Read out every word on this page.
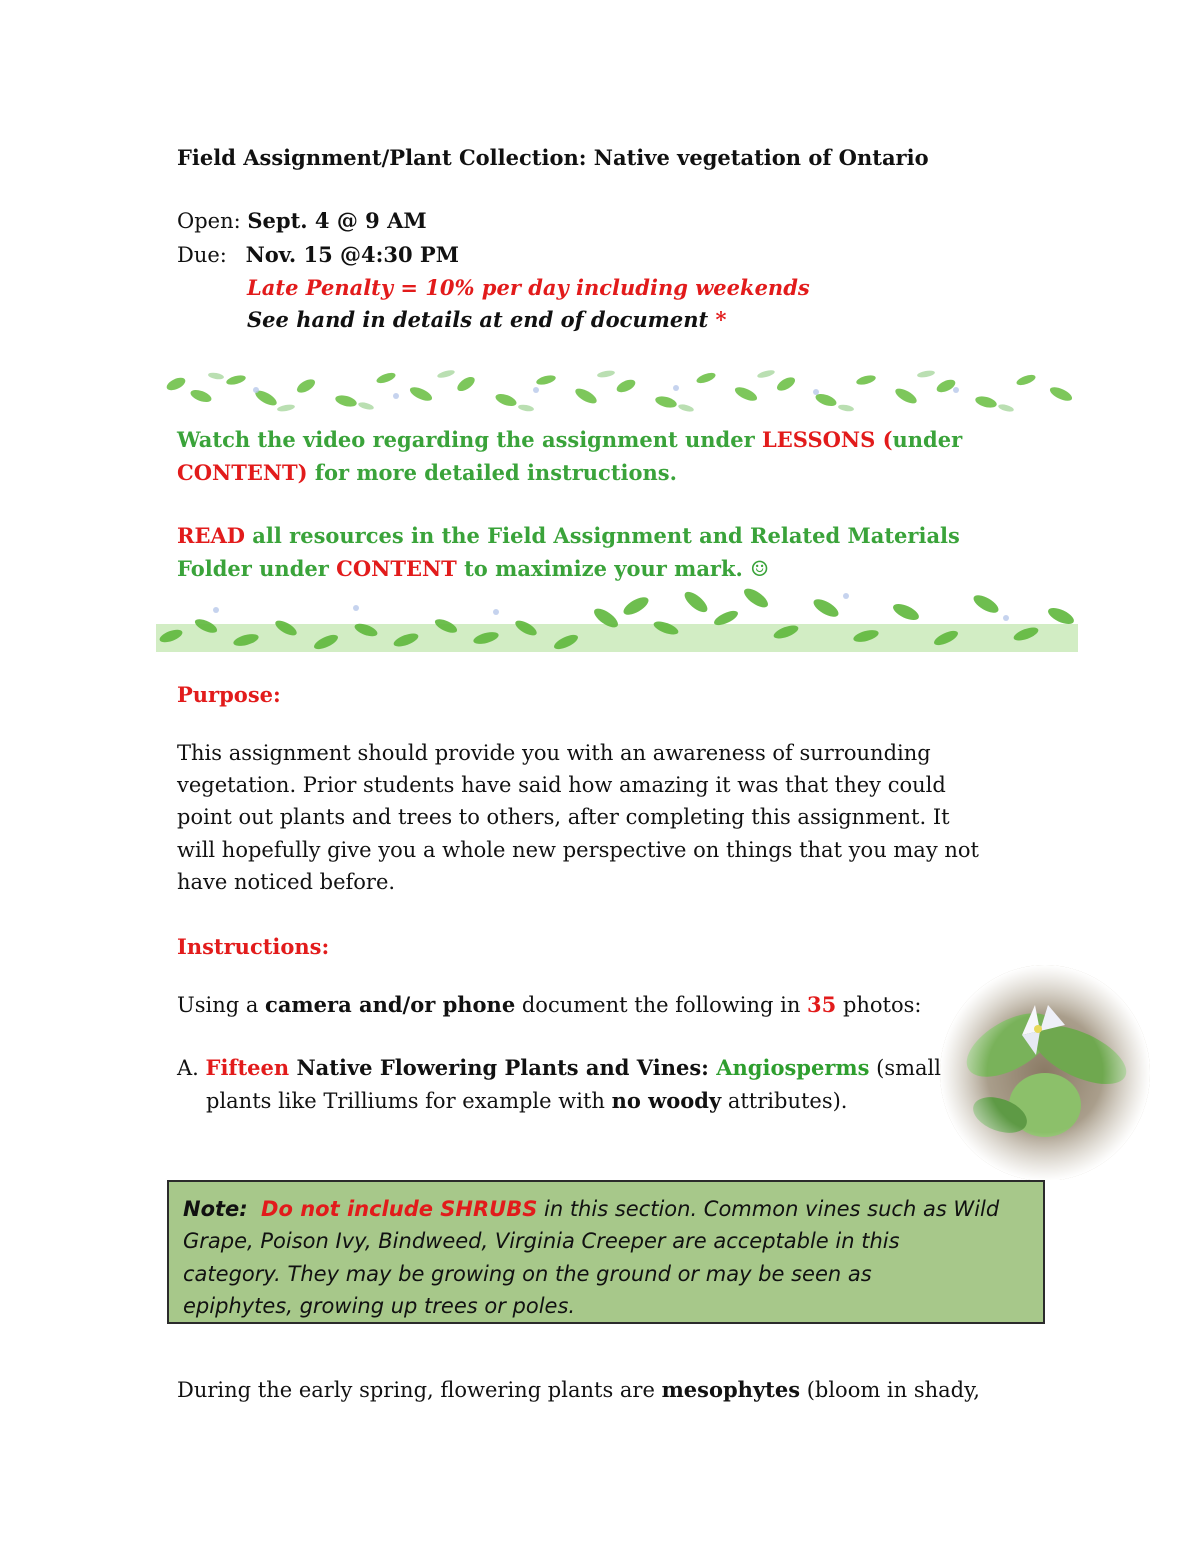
Field Assignment/Plant Collection: Native vegetation of Ontario
Open: Sept. 4 @ 9 AM
Due: Nov. 15 @4:30 PM
Late Penalty = 10% per day including weekends
See hand in details at end of document *
Watch the video regarding the assignment under LESSONS (under
CONTENT) for more detailed instructions.
READ all resources in the Field Assignment and Related Materials
Folder under CONTENT to maximize your mark. ☺
Purpose:
This assignment should provide you with an awareness of surrounding
vegetation. Prior students have said how amazing it was that they could
point out plants and trees to others, after completing this assignment. It
will hopefully give you a whole new perspective on things that you may not
have noticed before.
Instructions:
Using a camera and/or phone document the following in 35 photos:
A. Fifteen Native Flowering Plants and Vines: Angiosperms (small
plants like Trilliums for example with no woody attributes).
Note: Do not include SHRUBS in this section. Common vines such as Wild
Grape, Poison Ivy, Bindweed, Virginia Creeper are acceptable in this
category. They may be growing on the ground or may be seen as
epiphytes, growing up trees or poles.
During the early spring, flowering plants are mesophytes (bloom in shady,
